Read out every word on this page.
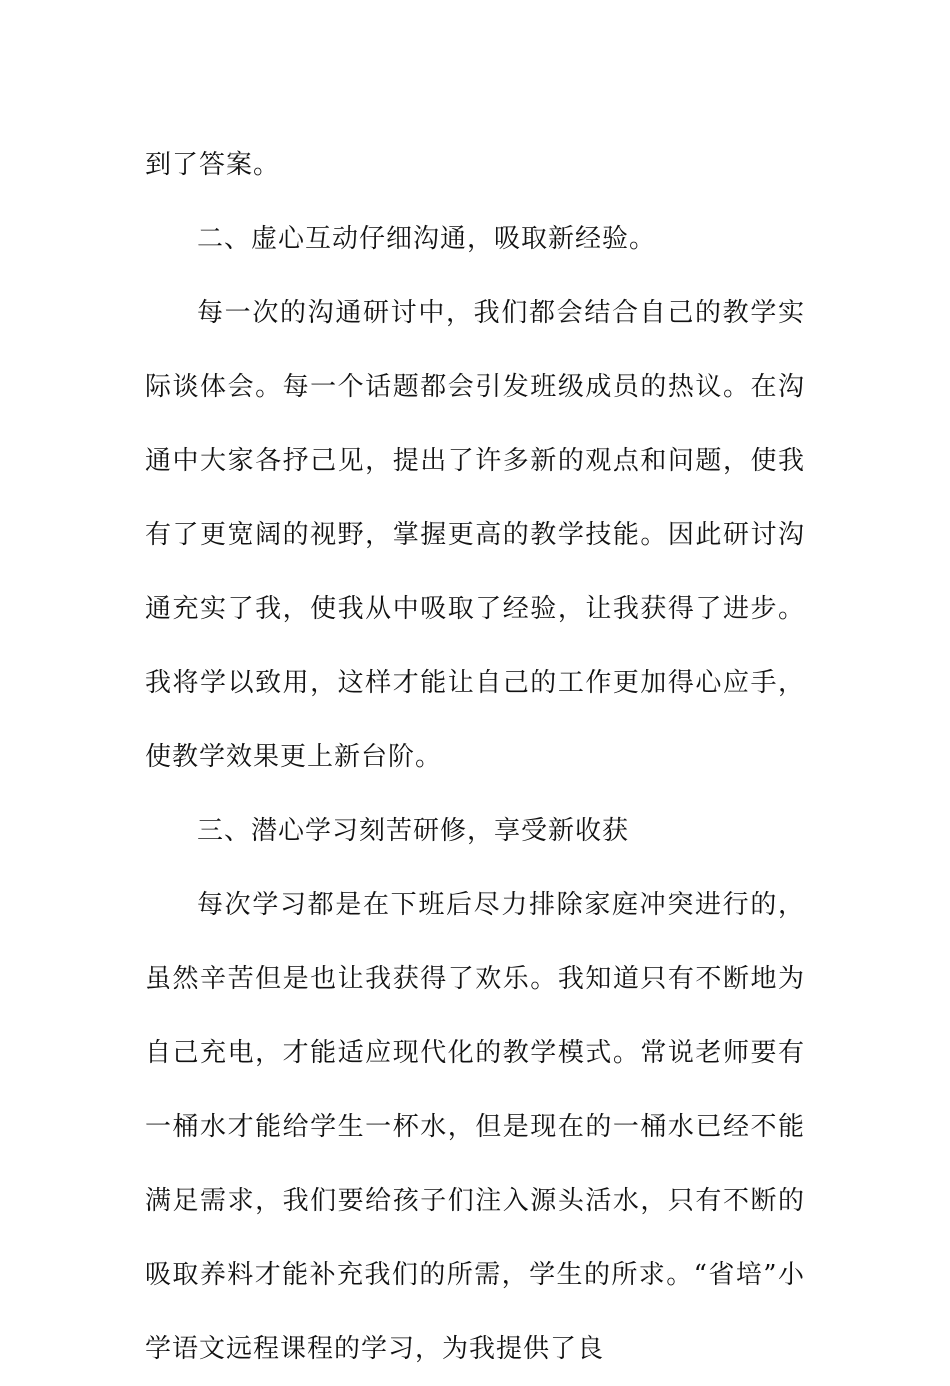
到了答案。

二、虚心互动仔细沟通，吸取新经验。

每一次的沟通研讨中，我们都会结合自己的教学实际谈体会。每一个话题都会引发班级成员的热议。在沟通中大家各抒己见，提出了许多新的观点和问题，使我有了更宽阔的视野，掌握更高的教学技能。因此研讨沟通充实了我，使我从中吸取了经验，让我获得了进步。我将学以致用，这样才能让自己的工作更加得心应手，使教学效果更上新台阶。

三、潜心学习刻苦研修，享受新收获

每次学习都是在下班后尽力排除家庭冲突进行的，虽然辛苦但是也让我获得了欢乐。我知道只有不断地为自己充电，才能适应现代化的教学模式。常说老师要有一桶水才能给学生一杯水，但是现在的一桶水已经不能满足需求，我们要给孩子们注入源头活水，只有不断的吸取养料才能补充我们的所需，学生的所求。“省培”小学语文远程课程的学习，为我提供了良
